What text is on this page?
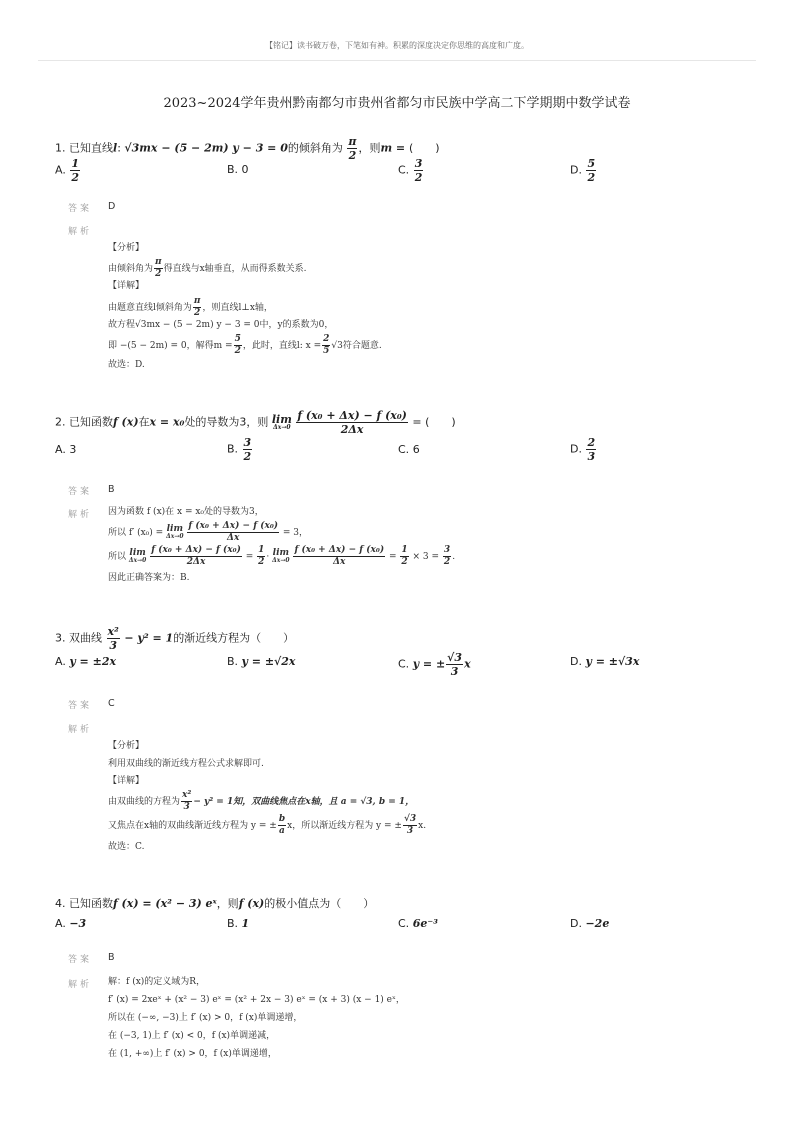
【铭记】读书破万卷，下笔如有神。积累的深度决定你思维的高度和广度。
2023~2024学年贵州黔南都匀市贵州省都匀市民族中学高二下学期期中数学试卷
1. 已知直线l: √3mx − (5 − 2m) y − 3 = 0的倾斜角为 $\frac{\pi}{2}$ ，则m = (　　)
A. $\frac{1}{2}$	B. 0	C. $\frac{3}{2}$	D. $\frac{5}{2}$
答案 D
解析
【分析】
由倾斜角为 $\frac{\pi}{2}$ 得直线与x轴垂直，从而得系数关系.
【详解】
由题意直线l倾斜角为 $\frac{\pi}{2}$ ，则直线l⊥x轴，
故方程√3mx − (5 − 2m) y − 3 = 0中，y的系数为0，
即 −(5 − 2m) = 0，解得$m = \frac{5}{2}$ ，此时，直线l: $x = \frac{2}{5} √3$符合题意.
故选：D.
2. 已知函数f (x)在x = x₀处的导数为3，则 lim
Δx→0
$\frac{\text{f (x₀ + Δx) − f (x₀)}}{2\Delta x}$ = (　　)
A. 3	B. $\frac{3}{2}$	C. 6	D. $\frac{2}{3}$
答案 B
解析 因为函数 f (x)在 x = x₀处的导数为3，
所以 f′ (x₀) = lim
Δx→0
$\frac{\text{f (x₀ + Δx) − f (x₀)}}{\Delta x} = 3$，
所以 lim
Δx→0
$\frac{\text{f (x₀ + Δx) − f (x₀)}}{2\Delta x} = \frac{1}{2} \cdot \lim$
Δx→0
$\frac{\text{f (x₀ + Δx) − f (x₀)}}{\Delta x} = \frac{1}{2} \times 3 = \frac{3}{2}$ .
因此正确答案为：B.
3. 双曲线 $\frac{\text{x²}}{3} - y^2 = 1$的渐近线方程为（　　）
A. y = ±2x	B. y = ±√2x	C. y = ± $\frac{√3}{3}$ x	D. y = ±√3x
答案 C
解析
【分析】
利用双曲线的渐近线方程公式求解即可.
【详解】
由双曲线的方程为 $\frac{\text{x²}}{3} - y^2 = 1$知，双曲线焦点在x轴，且 a = √3, b = 1，
又焦点在x轴的双曲线渐近线方程为 y = ± $\frac{b}{a}$ x，所以渐近线方程为 y = ± $\frac{√3}{3} x$.
故选：C.
4. 已知函数f (x) = (x² − 3) eˣ，则f (x)的极小值点为（　　）
A. −3	B. 1	C. 6e⁻³	D. −2e
答案 B
解析 解：f (x)的定义域为R，
f′ (x) = 2xeˣ + (x² − 3) eˣ = (x² + 2x − 3) eˣ = (x + 3) (x − 1) eˣ，
所以在 (−∞, −3)上 f′ (x) > 0，f (x)单调递增，
在 (−3, 1)上 f′ (x) < 0，f (x)单调递减，
在 (1, +∞)上 f′ (x) > 0，f (x)单调递增，
